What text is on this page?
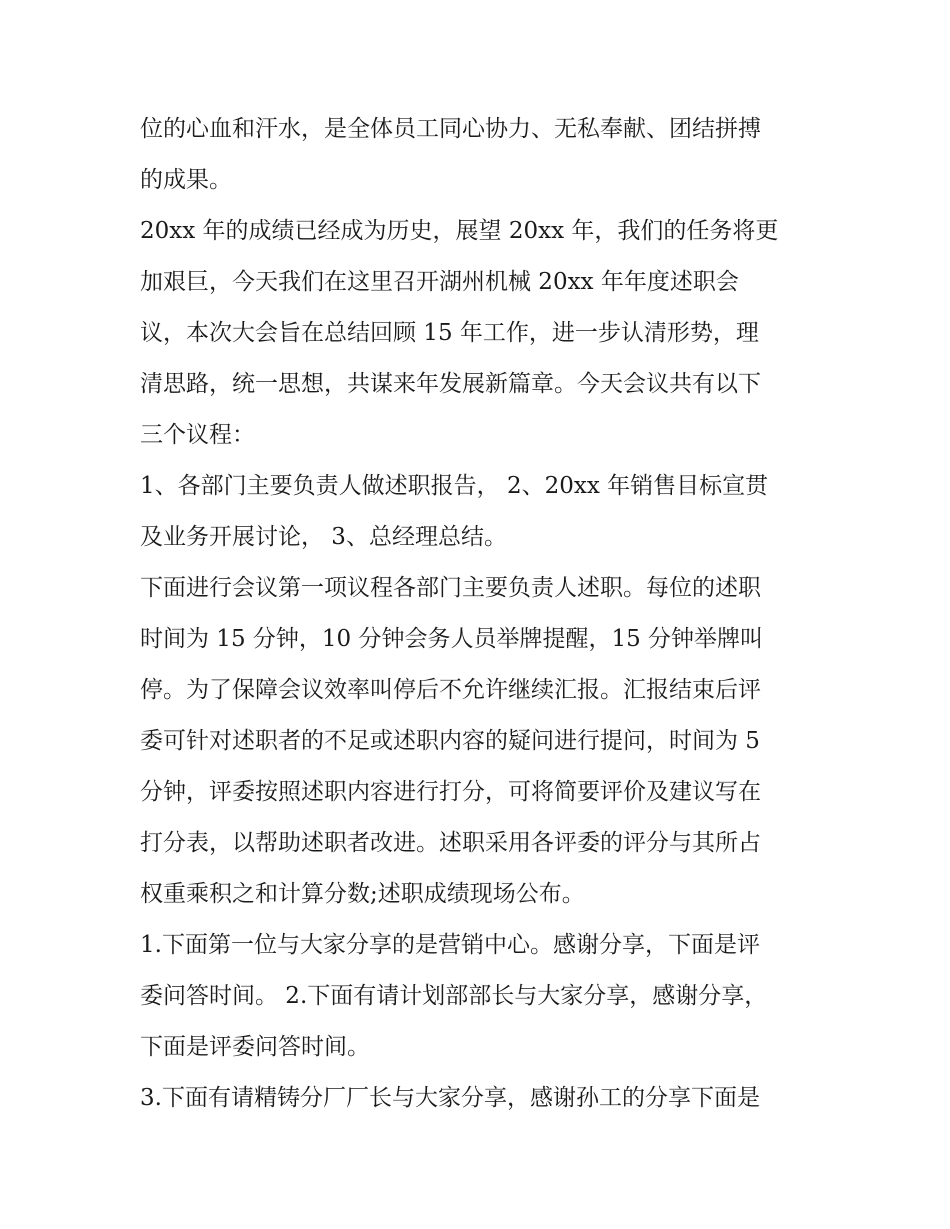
位的心血和汗水，是全体员工同心协力、无私奉献、团结拼搏
的成果。
20xx 年的成绩已经成为历史，展望 20xx 年，我们的任务将更
加艰巨，今天我们在这里召开湖州机械 20xx 年年度述职会
议，本次大会旨在总结回顾 15 年工作，进一步认清形势，理
清思路，统一思想，共谋来年发展新篇章。今天会议共有以下
三个议程：
1、各部门主要负责人做述职报告， 2、20xx 年销售目标宣贯
及业务开展讨论， 3、总经理总结。
下面进行会议第一项议程各部门主要负责人述职。每位的述职
时间为 15 分钟，10 分钟会务人员举牌提醒，15 分钟举牌叫
停。为了保障会议效率叫停后不允许继续汇报。汇报结束后评
委可针对述职者的不足或述职内容的疑问进行提问，时间为 5
分钟，评委按照述职内容进行打分，可将简要评价及建议写在
打分表，以帮助述职者改进。述职采用各评委的评分与其所占
权重乘积之和计算分数;述职成绩现场公布。
1.下面第一位与大家分享的是营销中心。感谢分享，下面是评
委问答时间。 2.下面有请计划部部长与大家分享，感谢分享，
下面是评委问答时间。
3.下面有请精铸分厂厂长与大家分享，感谢孙工的分享下面是
